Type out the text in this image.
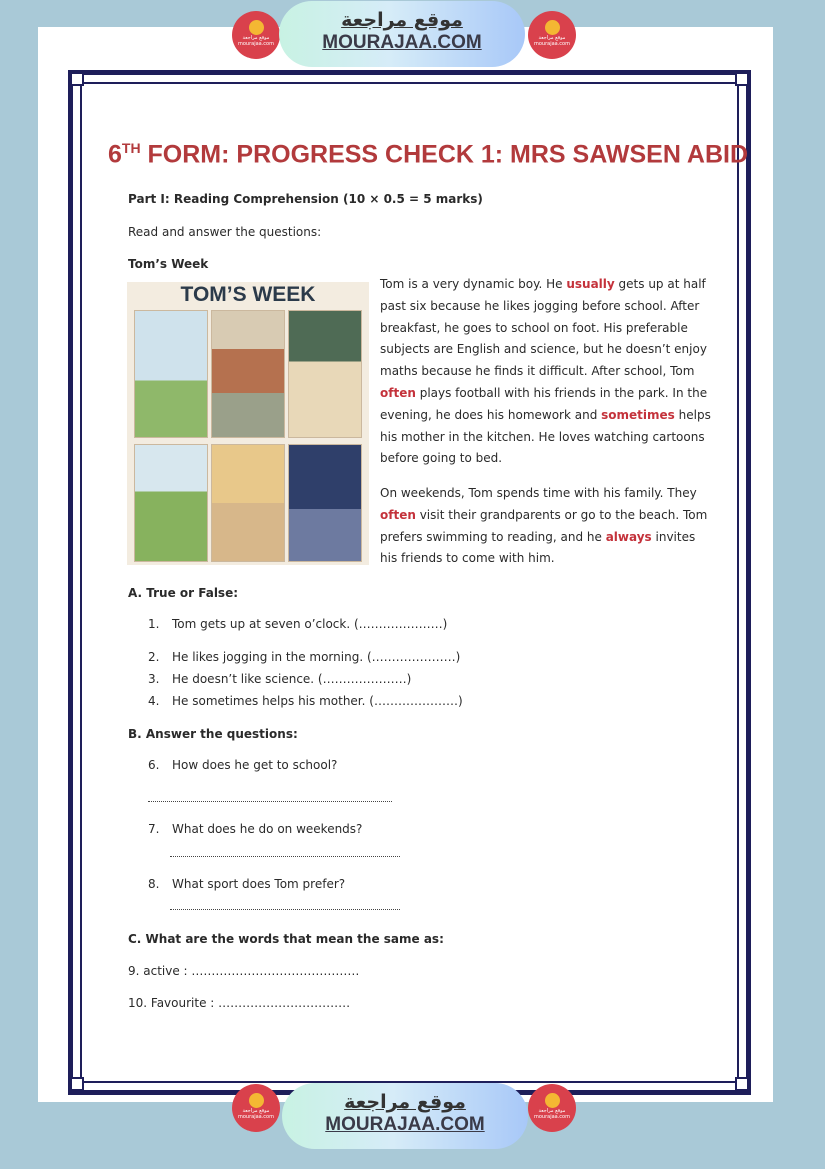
موقع مراجعة mourajaa.com
موقع مراجعة
MOURAJAA.COM	موقع مراجعة mourajaa.com
6TH FORM: PROGRESS CHECK 1: MRS SAWSEN ABID
Part I: Reading Comprehension (10 × 0.5 = 5 marks)
Read and answer the questions:
Tom’s Week
TOM’S WEEK	Tom is a very dynamic boy. He usually gets up at half past six because he likes jogging before school. After breakfast, he goes to school on foot. His preferable subjects are English and science, but he doesn’t enjoy maths because he finds it difficult. After school, Tom often plays football with his friends in the park. In the evening, he does his homework and sometimes helps his mother in the kitchen. He loves watching cartoons before going to bed.
On weekends, Tom spends time with his family. They often visit their grandparents or go to the beach. Tom prefers swimming to reading, and he always invites his friends to come with him.
A. True or False:
1. Tom gets up at seven o’clock. (…………………)
2. He likes jogging in the morning. (…………………)
3. He doesn’t like science. (…………………)
4. He sometimes helps his mother. (…………………)
B. Answer the questions:
6. How does he get to school?
7. What does he do on weekends?
8. What sport does Tom prefer?
C. What are the words that mean the same as:
9. active : ……………………………………
10. Favourite : ……………………………
موقع مراجعة mourajaa.com
موقع مراجعة
MOURAJAA.COM
موقع مراجعة mourajaa.com
